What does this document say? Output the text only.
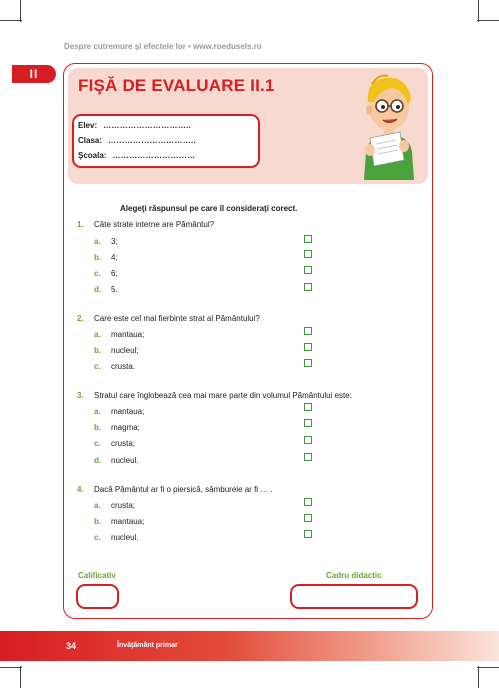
Despre cutremure şi efectele lor • www.roedusels.ro
II
FIŞĂ DE EVALUARE II.1
Elev: …………………………..
Clasa: …………………………..
Şcoala: …………………………
Alegeţi răspunsul pe care îl consideraţi corect.
1. Câte strate interne are Pământul?
a. 3;
b. 4;
c. 6;
d. 5.
2. Care este cel mai fierbinte strat al Pământului?
a. mantaua;
b. nucleul;
c. crusta.
3. Stratul care înglobează cea mai mare parte din volumul Pământului este:
a. mantaua;
b. magma;
c. crusta;
d. nucleul.
4. Dacă Pământul ar fi o piersică, sâmburele ar fi … .
a. crusta;
b. mantaua;
c. nucleul.
Calificativ	Cadru didactic
34	Învăţământ primar
